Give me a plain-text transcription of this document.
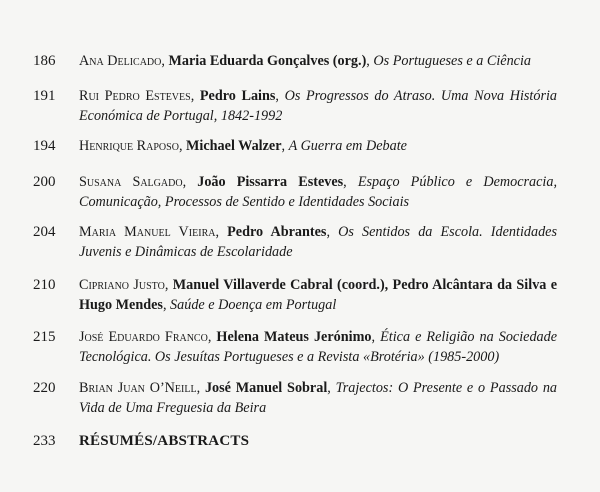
186 Ana Delicado, Maria Eduarda Gonçalves (org.), Os Portugueses e a Ciência
191 Rui Pedro Esteves, Pedro Lains, Os Progressos do Atraso. Uma Nova História Económica de Portugal, 1842-1992
194 Henrique Raposo, Michael Walzer, A Guerra em Debate
200 Susana Salgado, João Pissarra Esteves, Espaço Público e Democracia, Comunicação, Processos de Sentido e Identidades Sociais
204 Maria Manuel Vieira, Pedro Abrantes, Os Sentidos da Escola. Identidades Juvenis e Dinâmicas de Escolaridade
210 Cipriano Justo, Manuel Villaverde Cabral (coord.), Pedro Alcântara da Silva e Hugo Mendes, Saúde e Doença em Portugal
215 José Eduardo Franco, Helena Mateus Jerónimo, Ética e Religião na Sociedade Tecnológica. Os Jesuítas Portugueses e a Revista «Brotéria» (1985-2000)
220 Brian Juan O’Neill, José Manuel Sobral, Trajectos: O Presente e o Passado na Vida de Uma Freguesia da Beira
233 RÉSUMÉS/ABSTRACTS
